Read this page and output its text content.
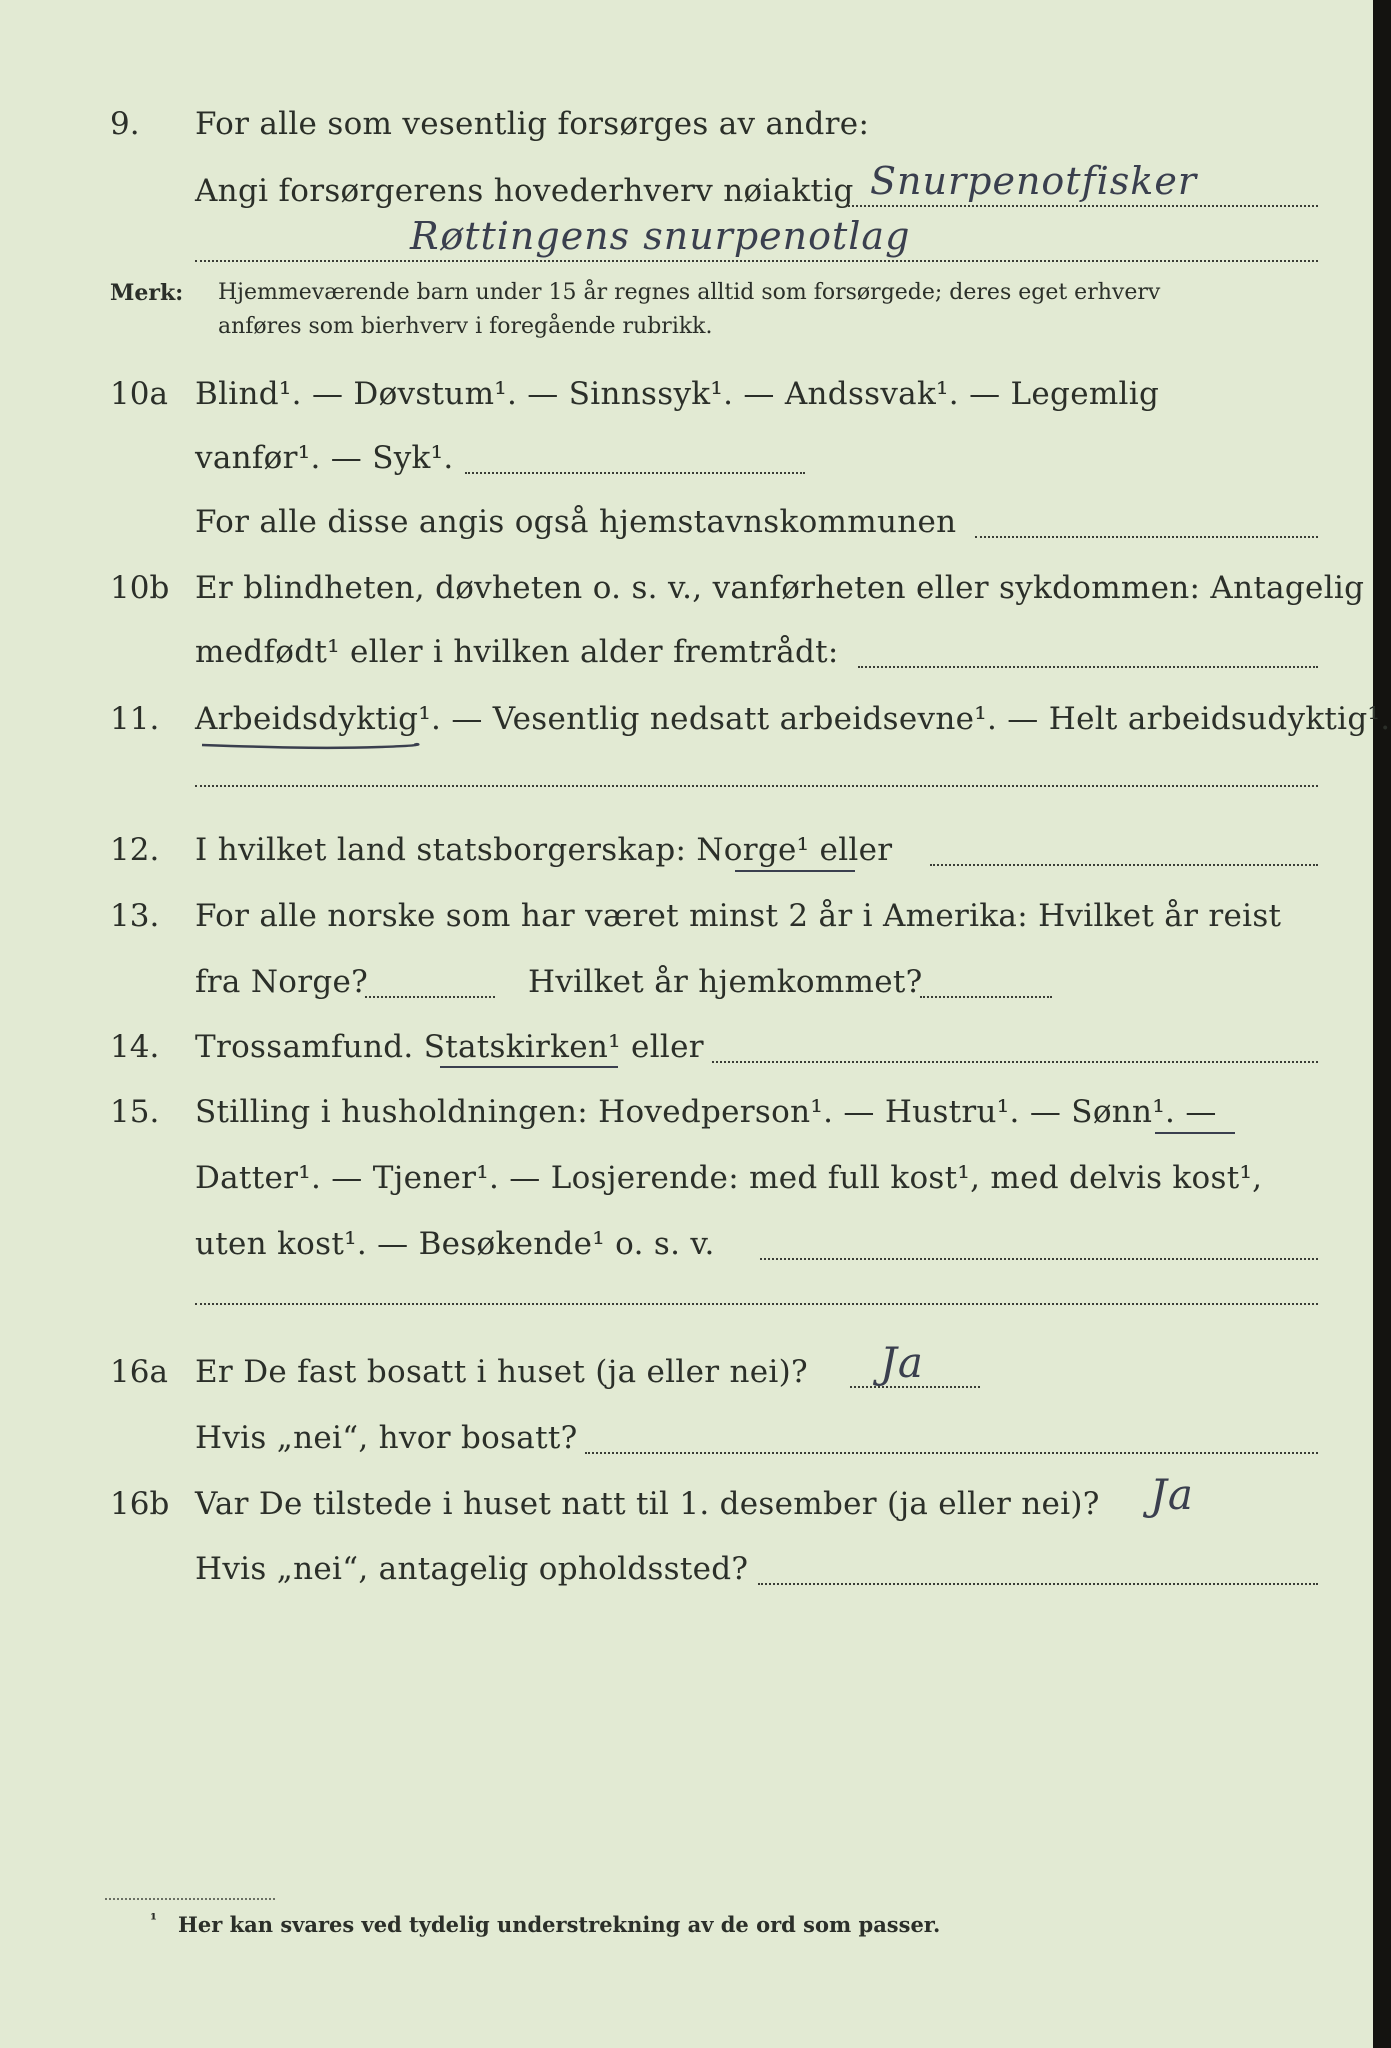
9. For alle som vesentlig forsørges av andre:
Angi forsørgerens hovederhverv nøiaktig Snurpenotfisker
Røttingens snurpenotlag
Merk: Hjemmeværende barn under 15 år regnes alltid som forsørgede; deres eget erhverv
anføres som bierhverv i foregående rubrikk.
10a Blind¹. — Døvstum¹. — Sinnssyk¹. — Andssvak¹. — Legemlig
vanfør¹. — Syk¹.
For alle disse angis også hjemstavnskommunen
10b Er blindheten, døvheten o. s. v., vanførheten eller sykdommen: Antagelig
medfødt¹ eller i hvilken alder fremtrådt:
11. Arbeidsdyktig¹. — Vesentlig nedsatt arbeidsevne¹. — Helt arbeidsudyktig¹.
12. I hvilket land statsborgerskap: Norge¹ eller
13. For alle norske som har været minst 2 år i Amerika: Hvilket år reist
fra Norge?	Hvilket år hjemkommet?
14. Trossamfund. Statskirken¹ eller
15. Stilling i husholdningen: Hovedperson¹. — Hustru¹. — Sønn¹. —
Datter¹. — Tjener¹. — Losjerende: med full kost¹, med delvis kost¹,
uten kost¹. — Besøkende¹ o. s. v.
16a Er De fast bosatt i huset (ja eller nei)? Ja
Hvis „nei“, hvor bosatt?
16b Var De tilstede i huset natt til 1. desember (ja eller nei)? Ja
Hvis „nei“, antagelig opholdssted?
¹ Her kan svares ved tydelig understrekning av de ord som passer.
